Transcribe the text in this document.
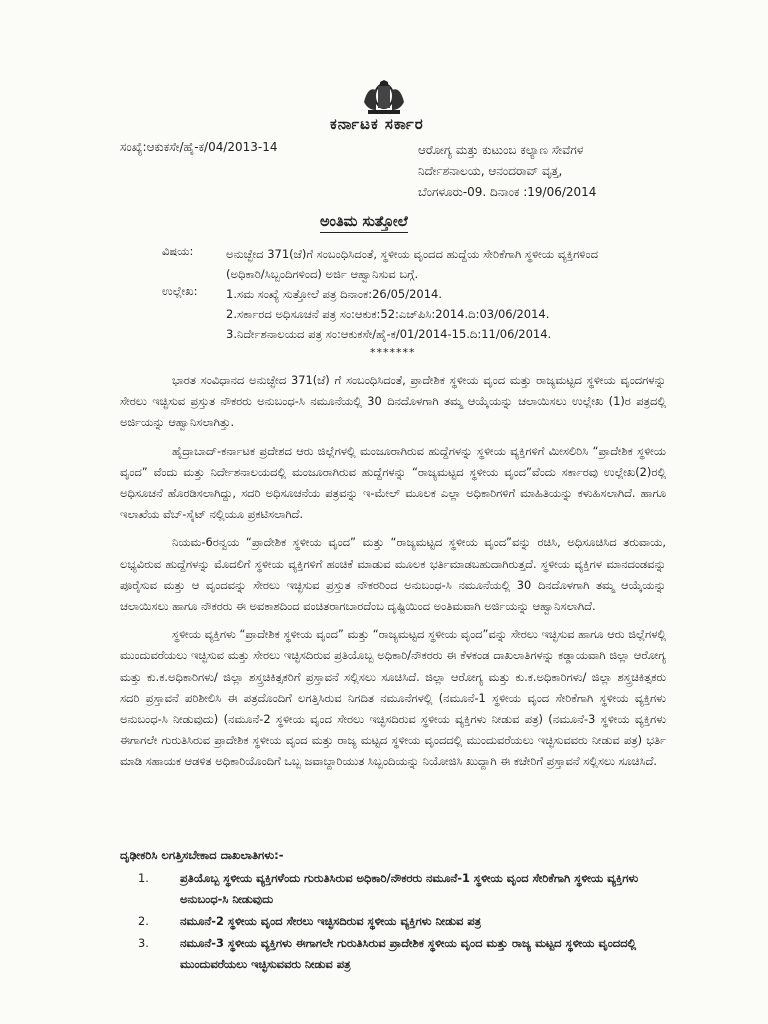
ಕರ್ನಾಟಕ ಸರ್ಕಾರ
ಸಂಖ್ಯೆ:ಆಕುಕಸೇ/ಹೈ-ಕ/04/2013-14	ಆರೋಗ್ಯ ಮತ್ತು ಕುಟುಂಬ ಕಲ್ಯಾಣ ಸೇವೆಗಳ
ನಿರ್ದೇಶನಾಲಯ, ಆನಂದರಾವ್ ವೃತ್ತ,
ಬೆಂಗಳೂರು-09. ದಿನಾಂಕ :19/06/2014
ಅಂತಿಮ ಸುತ್ತೋಲೆ
ವಿಷಯ:	ಅನುಚ್ಛೇದ 371(ಜೆ)ಗೆ ಸಂಬಂಧಿಸಿದಂತೆ, ಸ್ಥಳೀಯ ವೃಂದದ ಹುದ್ದೆಯ ಸೇರಿಕೆಗಾಗಿ ಸ್ಥಳೀಯ ವ್ಯಕ್ತಿಗಳಿಂದ (ಅಧಿಕಾರಿ/ಸಿಬ್ಬಂದಿಗಳಿಂದ) ಅರ್ಜಿ ಆಹ್ವಾನಿಸುವ ಬಗ್ಗೆ.
ಉಲ್ಲೇಖ:	1.ಸಮ ಸಂಖ್ಯೆ ಸುತ್ತೋಲೆ ಪತ್ರ ದಿನಾಂಕ:26/05/2014.
2.ಸರ್ಕಾರದ ಅಧಿಸೂಚನೆ ಪತ್ರ ಸಂ:ಆಕುಕ:52:ಎಚ್‌ಪಿಸಿ:2014.ದಿ:03/06/2014.
3.ನಿರ್ದೇಶನಾಲಯದ ಪತ್ರ ಸಂ:ಆಕುಕಸೇ/ಹೈ-ಕ/01/2014-15.ದಿ:11/06/2014.
*******

ಭಾರತ ಸಂವಿಧಾನದ ಅನುಚ್ಛೇದ 371(ಜೆ) ಗೆ ಸಂಬಂಧಿಸಿದಂತೆ, ಪ್ರಾದೇಶಿಕ ಸ್ಥಳೀಯ ವೃಂದ ಮತ್ತು ರಾಜ್ಯಮಟ್ಟದ ಸ್ಥಳೀಯ ವೃಂದಗಳನ್ನು ಸೇರಲು ಇಚ್ಛಿಸುವ ಪ್ರಸ್ತುತ ನೌಕರರು ಅನುಬಂಧ-ಸಿ ನಮೂನೆಯಲ್ಲಿ 30 ದಿನದೊಳಗಾಗಿ ತಮ್ಮ ಆಯ್ಕೆಯನ್ನು ಚಲಾಯಿಸಲು ಉಲ್ಲೇಖ (1)ರ ಪತ್ರದಲ್ಲಿ ಅರ್ಜಿಯನ್ನು ಆಹ್ವಾನಿಸಲಾಗಿತ್ತು.

ಹೈದ್ರಾಬಾದ್-ಕರ್ನಾಟಕ ಪ್ರದೇಶದ ಆರು ಜಿಲ್ಲೆಗಳಲ್ಲಿ ಮಂಜೂರಾಗಿರುವ ಹುದ್ದೆಗಳನ್ನು ಸ್ಥಳೀಯ ವ್ಯಕ್ತಿಗಳಿಗೆ ಮೀಸಲಿರಿಸಿ “ಪ್ರಾದೇಶಿಕ ಸ್ಥಳೀಯ ವೃಂದ” ವೆಂದು ಮತ್ತು ನಿರ್ದೇಶನಾಲಯದಲ್ಲಿ ಮಂಜೂರಾಗಿರುವ ಹುದ್ದೆಗಳನ್ನು “ರಾಜ್ಯಮಟ್ಟದ ಸ್ಥಳೀಯ ವೃಂದ”ವೆಂದು ಸರ್ಕಾರವು ಉಲ್ಲೇಖ(2)ರಲ್ಲಿ ಅಧಿಸೂಚನೆ ಹೊರಡಿಸಲಾಗಿದ್ದು, ಸದರಿ ಅಧಿಸೂಚನೆಯ ಪತ್ರವನ್ನು ಇ-ಮೇಲ್ ಮೂಲಕ ಎಲ್ಲಾ ಅಧಿಕಾರಿಗಳಿಗೆ ಮಾಹಿತಿಯನ್ನು ಕಳುಹಿಸಲಾಗಿದೆ. ಹಾಗೂ ಇಲಾಖೆಯ ವೆಬ್-ಸೈಟ್ ನಲ್ಲಿಯೂ ಪ್ರಕಟಿಸಲಾಗಿದೆ.

ನಿಯಮ-6ರನ್ವಯ “ಪ್ರಾದೇಶಿಕ ಸ್ಥಳೀಯ ವೃಂದ” ಮತ್ತು “ರಾಜ್ಯಮಟ್ಟದ ಸ್ಥಳೀಯ ವೃಂದ”ವನ್ನು ರಚಿಸಿ, ಅಧಿಸೂಚಿಸಿದ ತರುವಾಯ, ಲಭ್ಯವಿರುವ ಹುದ್ದೆಗಳನ್ನು ಮೊದಲಿಗೆ ಸ್ಥಳೀಯ ವ್ಯಕ್ತಿಗಳಿಗೆ ಹಂಚಿಕೆ ಮಾಡುವ ಮೂಲಕ ಭರ್ತಿಮಾಡಬಹುದಾಗಿರುತ್ತದೆ. ಸ್ಥಳೀಯ ವ್ಯಕ್ತಿಗಳ ಮಾನದಂಡವನ್ನು ಪೂರೈಸುವ ಮತ್ತು ಆ ವೃಂದವನ್ನು ಸೇರಲು ಇಚ್ಛಿಸುವ ಪ್ರಸ್ತುತ ನೌಕರರಿಂದ ಅನುಬಂಧ-ಸಿ ನಮೂನೆಯಲ್ಲಿ 30 ದಿನದೊಳಗಾಗಿ ತಮ್ಮ ಆಯ್ಕೆಯನ್ನು ಚಲಾಯಿಸಲು ಹಾಗೂ ನೌಕರರು ಈ ಅವಕಾಶದಿಂದ ವಂಚಿತರಾಗಬಾರದೆಂಬ ದೃಷ್ಟಿಯಿಂದ ಅಂತಿಮವಾಗಿ ಅರ್ಜಿಯನ್ನು ಆಹ್ವಾನಿಸಲಾಗಿದೆ.

ಸ್ಥಳೀಯ ವ್ಯಕ್ತಿಗಳು “ಪ್ರಾದೇಶಿಕ ಸ್ಥಳೀಯ ವೃಂದ” ಮತ್ತು “ರಾಜ್ಯಮಟ್ಟದ ಸ್ಥಳೀಯ ವೃಂದ”ವನ್ನು ಸೇರಲು ಇಚ್ಛಿಸುವ ಹಾಗೂ ಆರು ಜಿಲ್ಲೆಗಳಲ್ಲಿ ಮುಂದುವರೆಯಲು ಇಚ್ಛಿಸುವ ಮತ್ತು ಸೇರಲು ಇಚ್ಛಿಸದಿರುವ ಪ್ರತಿಯೊಬ್ಬ ಅಧಿಕಾರಿ/ನೌಕರರು ಈ ಕೆಳಕಂಡ ದಾಖಲಾತಿಗಳನ್ನು ಕಡ್ಡಾಯವಾಗಿ ಜಿಲ್ಲಾ ಆರೋಗ್ಯ ಮತ್ತು ಕು.ಕ.ಅಧಿಕಾರಿಗಳು/ ಜಿಲ್ಲಾ ಶಸ್ತ್ರಚಿಕಿತ್ಸಕರಿಗೆ ಪ್ರಸ್ತಾವನೆ ಸಲ್ಲಿಸಲು ಸೂಚಿಸಿದೆ. ಜಿಲ್ಲಾ ಆರೋಗ್ಯ ಮತ್ತು ಕು.ಕ.ಅಧಿಕಾರಿಗಳು/ ಜಿಲ್ಲಾ ಶಸ್ತ್ರಚಿಕಿತ್ಸಕರು ಸದರಿ ಪ್ರಸ್ತಾವನೆ ಪರಿಶೀಲಿಸಿ ಈ ಪತ್ರದೊಂದಿಗೆ ಲಗತ್ತಿಸಿರುವ ನಿಗದಿತ ನಮೂನೆಗಳಲ್ಲಿ (ನಮೂನೆ-1 ಸ್ಥಳೀಯ ವೃಂದ ಸೇರಿಕೆಗಾಗಿ ಸ್ಥಳೀಯ ವ್ಯಕ್ತಿಗಳು ಅನುಬಂಧ-ಸಿ ನೀಡುವುದು) (ನಮೂನೆ-2 ಸ್ಥಳೀಯ ವೃಂದ ಸೇರಲು ಇಚ್ಛಿಸದಿರುವ ಸ್ಥಳೀಯ ವ್ಯಕ್ತಿಗಳು ನೀಡುವ ಪತ್ರ) (ನಮೂನೆ-3 ಸ್ಥಳೀಯ ವ್ಯಕ್ತಿಗಳು ಈಗಾಗಲೇ ಗುರುತಿಸಿರುವ ಪ್ರಾದೇಶಿಕ ಸ್ಥಳೀಯ ವೃಂದ ಮತ್ತು ರಾಜ್ಯ ಮಟ್ಟದ ಸ್ಥಳೀಯ ವೃಂದದಲ್ಲಿ ಮುಂದುವರೆಯಲು ಇಚ್ಛಿಸುವವರು ನೀಡುವ ಪತ್ರ) ಭರ್ತಿ ಮಾಡಿ ಸಹಾಯಕ ಆಡಳಿತ ಅಧಿಕಾರಿಯೊಂದಿಗೆ ಒಬ್ಬ ಜವಾಬ್ದಾರಿಯುತ ಸಿಬ್ಬಂದಿಯನ್ನು ನಿಯೋಜಿಸಿ ಖುದ್ದಾಗಿ ಈ ಕಚೇರಿಗೆ ಪ್ರಸ್ತಾವನೆ ಸಲ್ಲಿಸಲು ಸೂಚಿಸಿದೆ.

ದೃಢೀಕರಿಸಿ ಲಗತ್ತಿಸಬೇಕಾದ ದಾಖಲಾತಿಗಳು:-
1.	ಪ್ರತಿಯೊಬ್ಬ ಸ್ಥಳೀಯ ವ್ಯಕ್ತಿಗಳೆಂದು ಗುರುತಿಸಿರುವ ಅಧಿಕಾರಿ/ನೌಕರರು ನಮೂನೆ-1 ಸ್ಥಳೀಯ ವೃಂದ ಸೇರಿಕೆಗಾಗಿ ಸ್ಥಳೀಯ ವ್ಯಕ್ತಿಗಳು ಅನುಬಂಧ-ಸಿ ನೀಡುವುದು
2.	ನಮೂನೆ-2 ಸ್ಥಳೀಯ ವೃಂದ ಸೇರಲು ಇಚ್ಛಿಸದಿರುವ ಸ್ಥಳೀಯ ವ್ಯಕ್ತಿಗಳು ನೀಡುವ ಪತ್ರ
3.	ನಮೂನೆ-3 ಸ್ಥಳೀಯ ವ್ಯಕ್ತಿಗಳು ಈಗಾಗಲೇ ಗುರುತಿಸಿರುವ ಪ್ರಾದೇಶಿಕ ಸ್ಥಳೀಯ ವೃಂದ ಮತ್ತು ರಾಜ್ಯ ಮಟ್ಟದ ಸ್ಥಳೀಯ ವೃಂದದಲ್ಲಿ ಮುಂದುವರೆಯಲು ಇಚ್ಛಿಸುವವರು ನೀಡುವ ಪತ್ರ
